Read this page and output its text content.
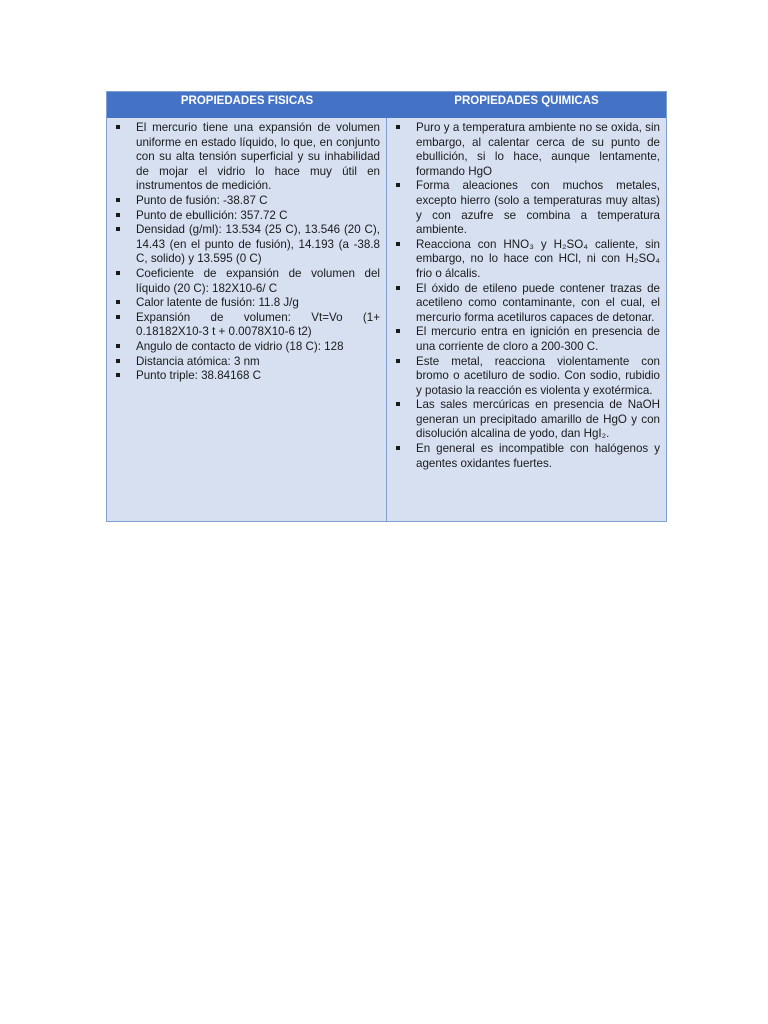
PROPIEDADES FISICAS	PROPIEDADES QUIMICAS
El mercurio tiene una expansión de volumen uniforme en estado líquido, lo que, en conjunto con su alta tensión superficial y su inhabilidad de mojar el vidrio lo hace muy útil en instrumentos de medición.
Punto de fusión: -38.87 C
Punto de ebullición: 357.72 C
Densidad (g/ml): 13.534 (25 C), 13.546 (20 C), 14.43 (en el punto de fusión), 14.193 (a -38.8 C, solido) y 13.595 (0 C)
Coeficiente de expansión de volumen del líquido (20 C): 182X10-6/ C
Calor latente de fusión: 11.8 J/g
Expansión de volumen: Vt=Vo (1+ 0.18182X10-3 t + 0.0078X10-6 t2)
Angulo de contacto de vidrio (18 C): 128
Distancia atómica: 3 nm
Punto triple: 38.84168 C
Puro y a temperatura ambiente no se oxida, sin embargo, al calentar cerca de su punto de ebullición, si lo hace, aunque lentamente, formando HgO
Forma aleaciones con muchos metales, excepto hierro (solo a temperaturas muy altas) y con azufre se combina a temperatura ambiente.
Reacciona con HNO₃ y H₂SO₄ caliente, sin embargo, no lo hace con HCl, ni con H₂SO₄ frio o álcalis.
El óxido de etileno puede contener trazas de acetileno como contaminante, con el cual, el mercurio forma acetiluros capaces de detonar.
El mercurio entra en ignición en presencia de una corriente de cloro a 200-300 C.
Este metal, reacciona violentamente con bromo o acetiluro de sodio. Con sodio, rubidio y potasio la reacción es violenta y exotérmica.
Las sales mercúricas en presencia de NaOH generan un precipitado amarillo de HgO y con disolución alcalina de yodo, dan HgI₂.
En general es incompatible con halógenos y agentes oxidantes fuertes.
